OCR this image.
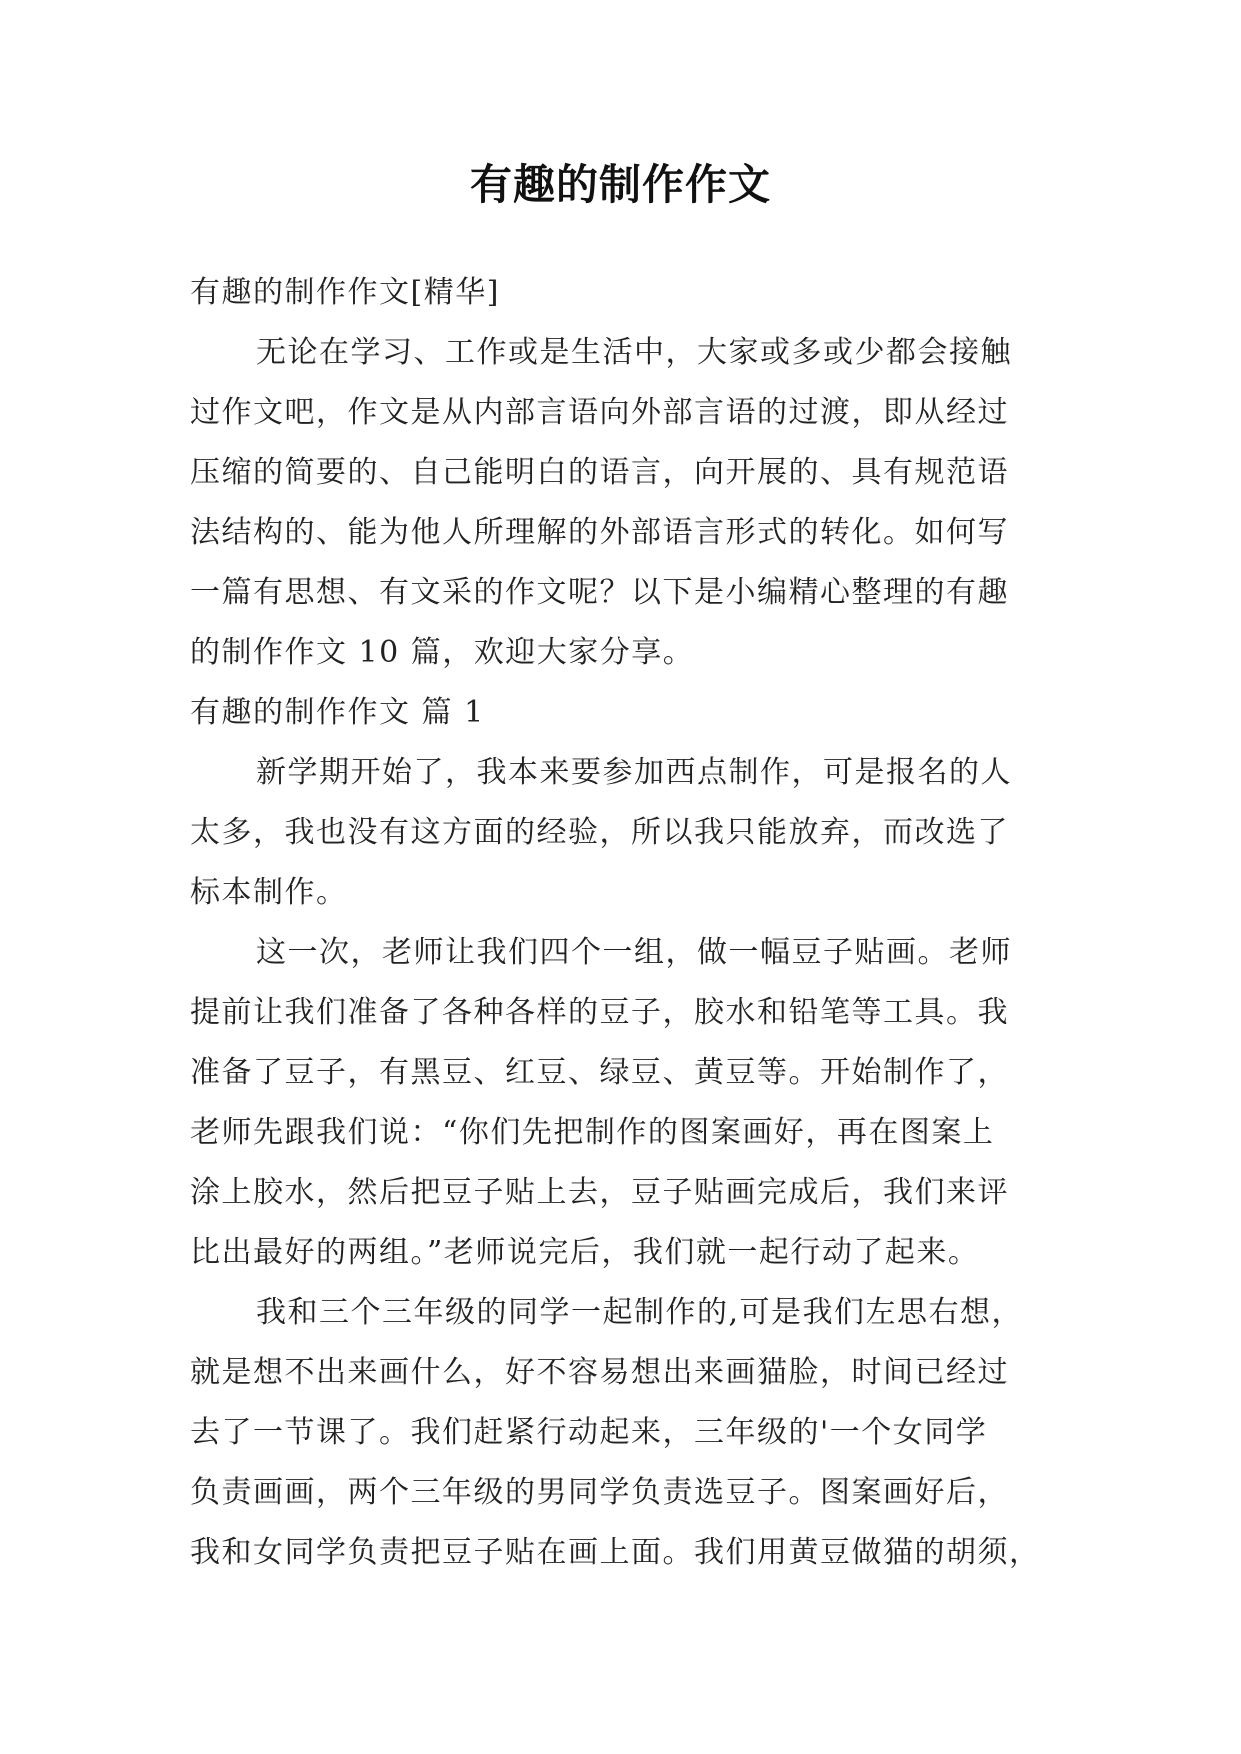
有趣的制作作文
有趣的制作作文[精华]
无论在学习、工作或是生活中，大家或多或少都会接触
过作文吧，作文是从内部言语向外部言语的过渡，即从经过
压缩的简要的、自己能明白的语言，向开展的、具有规范语
法结构的、能为他人所理解的外部语言形式的转化。如何写
一篇有思想、有文采的作文呢？以下是小编精心整理的有趣
的制作作文 10 篇，欢迎大家分享。
有趣的制作作文 篇 1
新学期开始了，我本来要参加西点制作，可是报名的人
太多，我也没有这方面的经验，所以我只能放弃，而改选了
标本制作。
这一次，老师让我们四个一组，做一幅豆子贴画。老师
提前让我们准备了各种各样的豆子，胶水和铅笔等工具。我
准备了豆子，有黑豆、红豆、绿豆、黄豆等。开始制作了，
老师先跟我们说：“你们先把制作的图案画好，再在图案上
涂上胶水，然后把豆子贴上去，豆子贴画完成后，我们来评
比出最好的两组。”老师说完后，我们就一起行动了起来。
我和三个三年级的同学一起制作的,可是我们左思右想，
就是想不出来画什么，好不容易想出来画猫脸，时间已经过
去了一节课了。我们赶紧行动起来，三年级的'一个女同学
负责画画，两个三年级的男同学负责选豆子。图案画好后，
我和女同学负责把豆子贴在画上面。我们用黄豆做猫的胡须，
